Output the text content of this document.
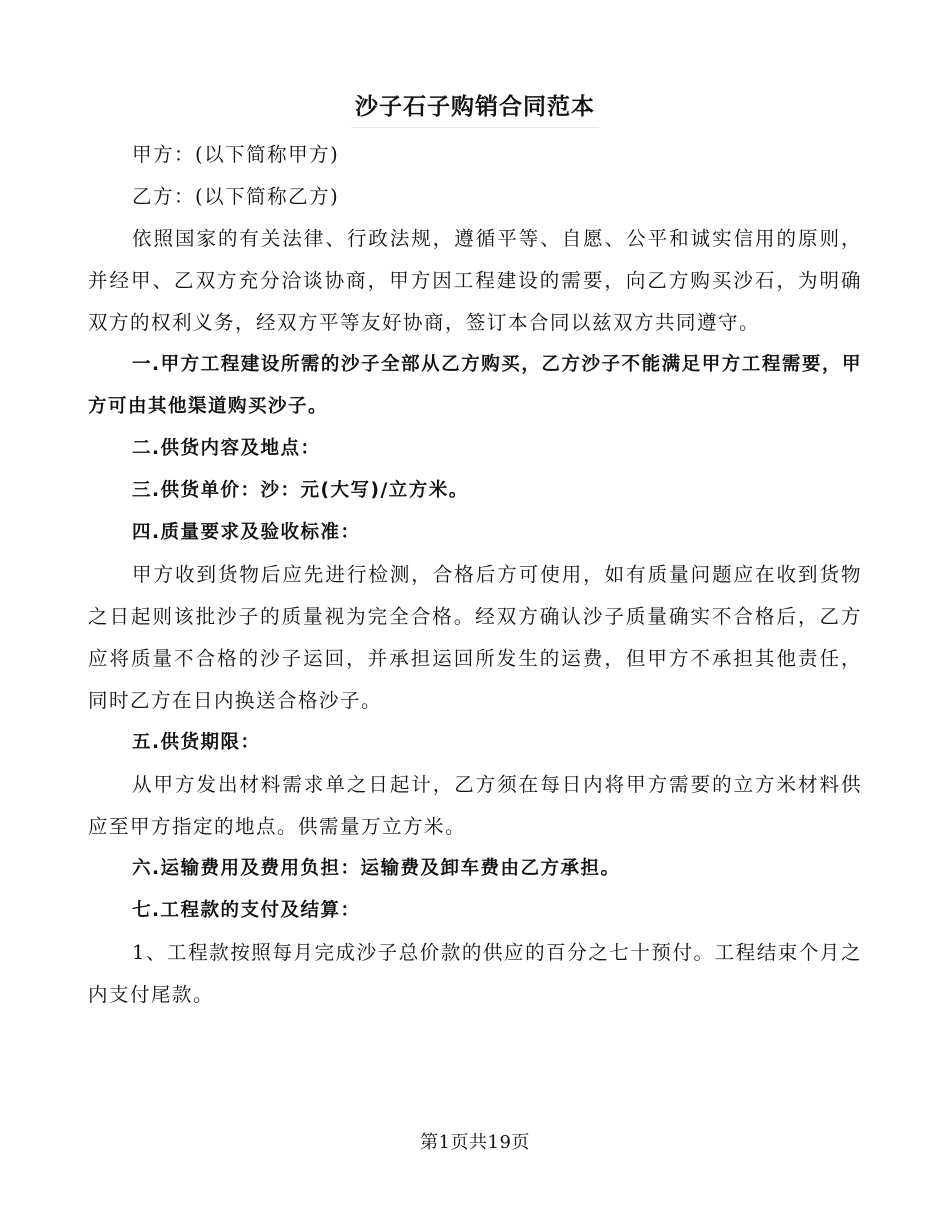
沙子石子购销合同范本

甲方：(以下简称甲方)

乙方：(以下简称乙方)

依照国家的有关法律、行政法规，遵循平等、自愿、公平和诚实信用的原则，并经甲、乙双方充分洽谈协商，甲方因工程建设的需要，向乙方购买沙石，为明确双方的权利义务，经双方平等友好协商，签订本合同以兹双方共同遵守。

一.甲方工程建设所需的沙子全部从乙方购买，乙方沙子不能满足甲方工程需要，甲方可由其他渠道购买沙子。

二.供货内容及地点：

三.供货单价：沙：元(大写)/立方米。

四.质量要求及验收标准：

甲方收到货物后应先进行检测，合格后方可使用，如有质量问题应在收到货物之日起则该批沙子的质量视为完全合格。经双方确认沙子质量确实不合格后，乙方应将质量不合格的沙子运回，并承担运回所发生的运费，但甲方不承担其他责任，同时乙方在日内换送合格沙子。

五.供货期限：

从甲方发出材料需求单之日起计，乙方须在每日内将甲方需要的立方米材料供应至甲方指定的地点。供需量万立方米。

六.运输费用及费用负担：运输费及卸车费由乙方承担。

七.工程款的支付及结算：

1、工程款按照每月完成沙子总价款的供应的百分之七十预付。工程结束个月之内支付尾款。

第1页共19页
